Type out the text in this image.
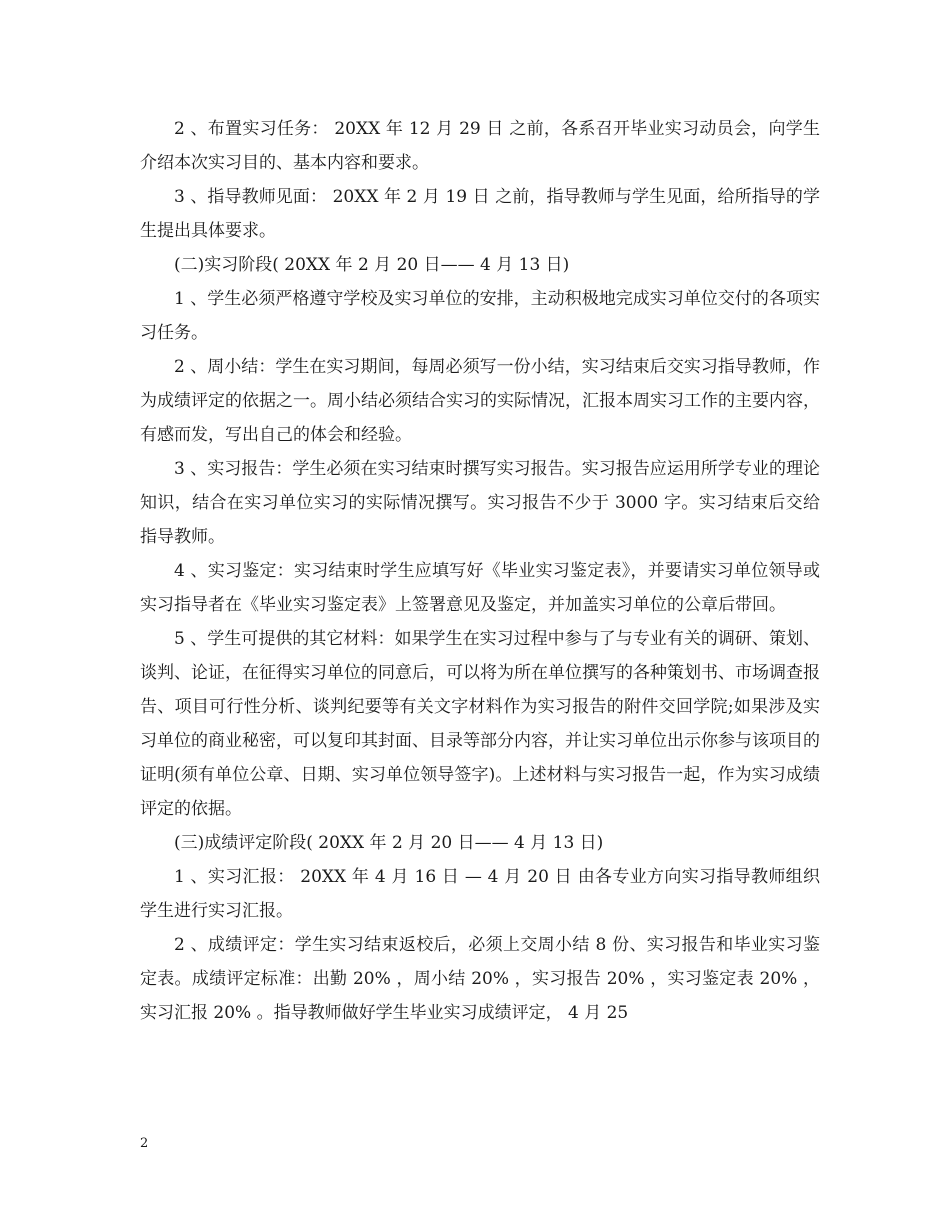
2 、布置实习任务： 20XX 年 12 月 29 日 之前，各系召开毕业实习动员会，向学生介绍本次实习目的、基本内容和要求。

3 、指导教师见面： 20XX 年 2 月 19 日 之前，指导教师与学生见面，给所指导的学生提出具体要求。

(二)实习阶段( 20XX 年 2 月 20 日—— 4 月 13 日)

1 、学生必须严格遵守学校及实习单位的安排，主动积极地完成实习单位交付的各项实习任务。

2 、周小结：学生在实习期间，每周必须写一份小结，实习结束后交实习指导教师，作为成绩评定的依据之一。周小结必须结合实习的实际情况，汇报本周实习工作的主要内容，有感而发，写出自己的体会和经验。

3 、实习报告：学生必须在实习结束时撰写实习报告。实习报告应运用所学专业的理论知识，结合在实习单位实习的实际情况撰写。实习报告不少于 3000 字。实习结束后交给指导教师。

4 、实习鉴定：实习结束时学生应填写好《毕业实习鉴定表》，并要请实习单位领导或实习指导者在《毕业实习鉴定表》上签署意见及鉴定，并加盖实习单位的公章后带回。

5 、学生可提供的其它材料：如果学生在实习过程中参与了与专业有关的调研、策划、谈判、论证，在征得实习单位的同意后，可以将为所在单位撰写的各种策划书、市场调查报告、项目可行性分析、谈判纪要等有关文字材料作为实习报告的附件交回学院;如果涉及实习单位的商业秘密，可以复印其封面、目录等部分内容，并让实习单位出示你参与该项目的证明(须有单位公章、日期、实习单位领导签字)。上述材料与实习报告一起，作为实习成绩评定的依据。

(三)成绩评定阶段( 20XX 年 2 月 20 日—— 4 月 13 日)

1 、实习汇报： 20XX 年 4 月 16 日 — 4 月 20 日 由各专业方向实习指导教师组织学生进行实习汇报。

2 、成绩评定：学生实习结束返校后，必须上交周小结 8 份、实习报告和毕业实习鉴定表。成绩评定标准：出勤 20% ，周小结 20% ，实习报告 20% ，实习鉴定表 20% ，实习汇报 20% 。指导教师做好学生毕业实习成绩评定， 4 月 25

2
